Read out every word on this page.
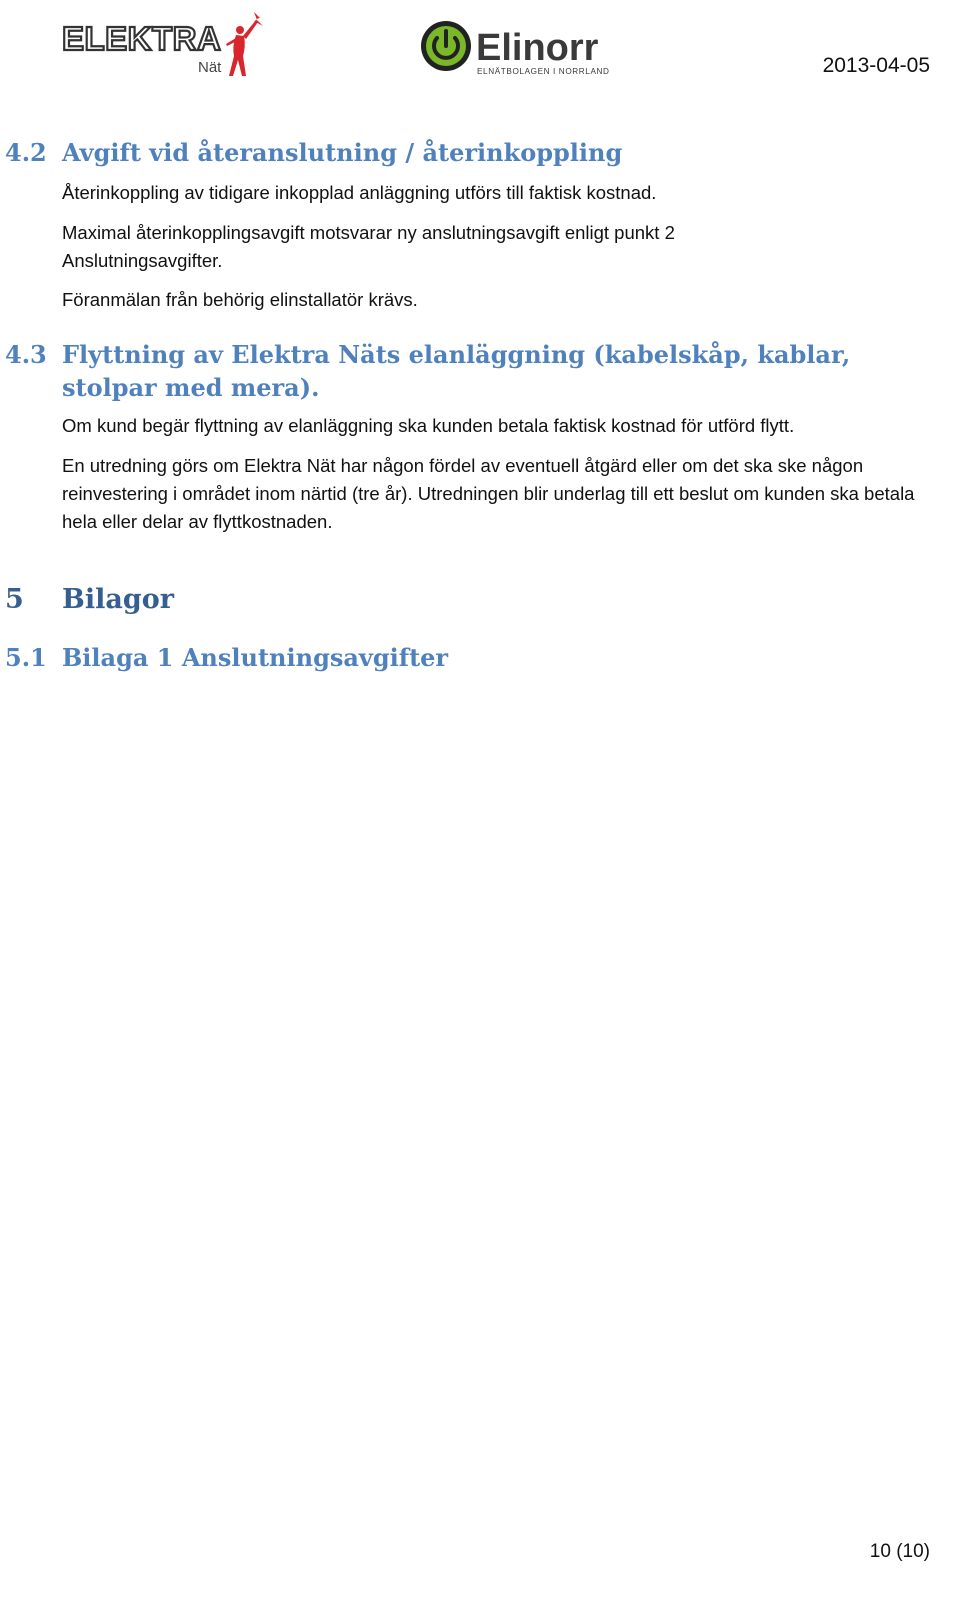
ELEKTRA
Nät	Elinorr
ELNÄTBOLAGEN I NORRLAND	2013-04-05
4.2 Avgift vid återanslutning / återinkoppling

Återinkoppling av tidigare inkopplad anläggning utförs till faktisk kostnad.

Maximal återinkopplingsavgift motsvarar ny anslutningsavgift enligt punkt 2 Anslutningsavgifter.

Föranmälan från behörig elinstallatör krävs.

4.3 Flyttning av Elektra Näts elanläggning (kabelskåp, kablar, stolpar med mera).

Om kund begär flyttning av elanläggning ska kunden betala faktisk kostnad för utförd flytt.

En utredning görs om Elektra Nät har någon fördel av eventuell åtgärd eller om det ska ske någon reinvestering i området inom närtid (tre år). Utredningen blir underlag till ett beslut om kunden ska betala hela eller delar av flyttkostnaden.

5 Bilagor
5.1 Bilaga 1 Anslutningsavgifter
10 (10)
